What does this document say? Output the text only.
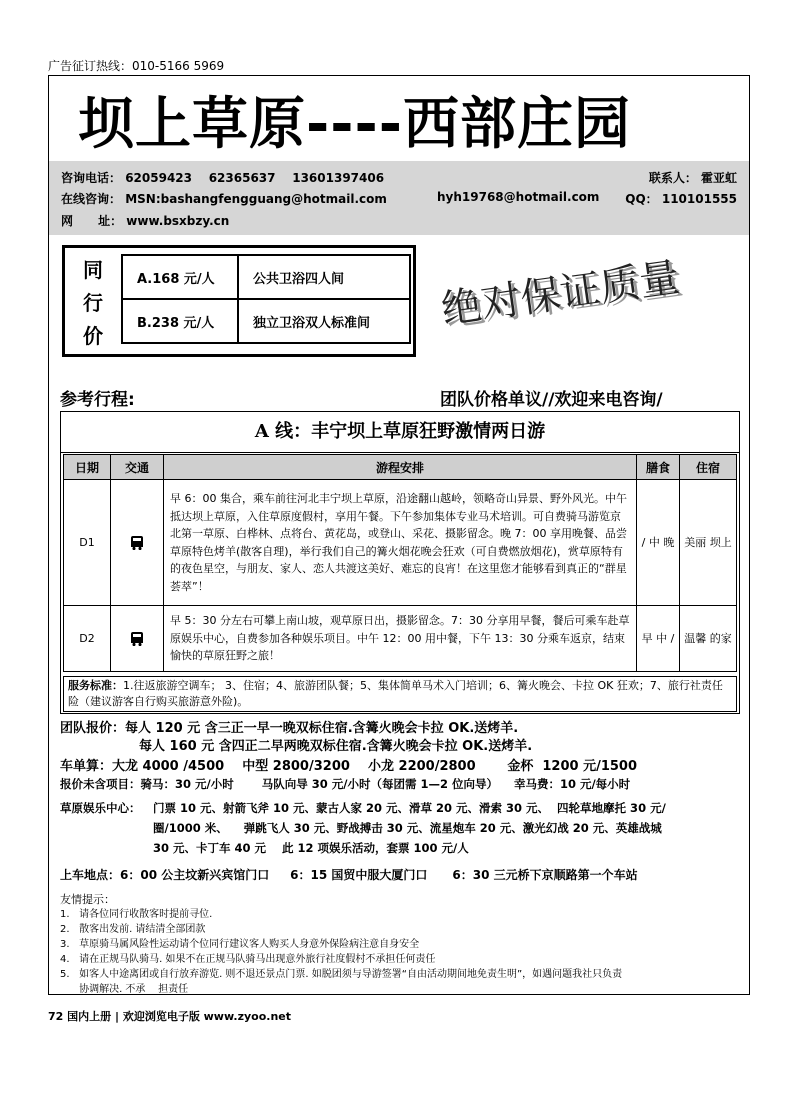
广告征订热线：010-5166 5969
坝上草原----西部庄园
咨询电话： 62059423    62365637    13601397406	联系人： 霍亚虹
在线咨询： MSN:bashangfengguang@hotmail.com	hyh19768@hotmail.com QQ： 110101555
网      址： www.bsxbzy.cn
同
行
价
A.168 元/人	公共卫浴四人间
B.238 元/人	独立卫浴双人标准间 绝对保证质量
参考行程:	团队价格单议//欢迎来电咨询/
A 线：丰宁坝上草原狂野激情两日游
日期	交通	游程安排	膳食	住宿
D1		早 6：00 集合，乘车前往河北丰宁坝上草原，沿途翻山越岭，领略奇山异景、野外风光。中午抵达坝上草原，入住草原度假村，享用午餐。下午参加集体专业马术培训。可自费骑马游览京北第一草原、白桦林、点将台、黄花岛，或登山、采花、摄影留念。晚 7：00 享用晚餐、品尝草原特色烤羊(散客自理)，举行我们自己的篝火烟花晚会狂欢（可自费燃放烟花)，赏草原特有的夜色星空，与朋友、家人、恋人共渡这美好、难忘的良宵！在这里您才能够看到真正的“群星荟萃”！	/ 中 晚	美丽 坝上
D2		早 5：30 分左右可攀上南山坡，观草原日出，摄影留念。7：30 分享用早餐，餐后可乘车赴草原娱乐中心，自费参加各种娱乐项目。中午 12：00 用中餐，下午 13：30 分乘车返京，结束愉快的草原狂野之旅！	早 中 /	温馨 的家
服务标准：1.往返旅游空调车； 3、住宿；4、旅游团队餐；5、集体简单马术入门培训；6、篝火晚会、卡拉 OK 狂欢；7、旅行社责任险（建议游客自行购买旅游意外险)。
团队报价：每人 120 元 含三正一早一晚双标住宿.含篝火晚会卡拉 OK.送烤羊.
每人 160 元 含四正二早两晚双标住宿.含篝火晚会卡拉 OK.送烤羊.
车单算：大龙 4000 /4500    中型 2800/3200    小龙 2200/2800       金杯  1200 元/1500
报价未含项目：骑马：30 元/小时       马队向导 30 元/小时（每团需 1—2 位向导）    幸马费：10 元/每小时
草原娱乐中心： 门票 10 元、射箭飞斧 10 元、蒙古人家 20 元、滑草 20 元、滑索 30 元、  四轮草地摩托 30 元/
圈/1000 米、    弹跳飞人 30 元、野战搏击 30 元、流星炮车 20 元、激光幻战 20 元、英雄战城
30 元、卡丁车 40 元    此 12 项娱乐活动，套票 100 元/人
上车地点：6：00 公主坟新兴宾馆门口     6：15 国贸中服大厦门口      6：30 三元桥下京顺路第一个车站
友情提示：
1.   请各位同行收散客时提前寻位.
2.   散客出发前. 请结清全部团款
3.   草原骑马属风险性运动请个位同行建议客人购买人身意外保险病注意自身安全
4.   请在正规马队骑马. 如果不在正规马队骑马出现意外旅行社度假村不承担任何责任
5.   如客人中途离团或自行放弃游览. 则不退还景点门票. 如脱团须与导游签署“自由活动期间地免责生明”，如遇问题我社只负责
协调解决. 不承    担责任
72 国内上册 | 欢迎浏览电子版 www.zyoo.net
